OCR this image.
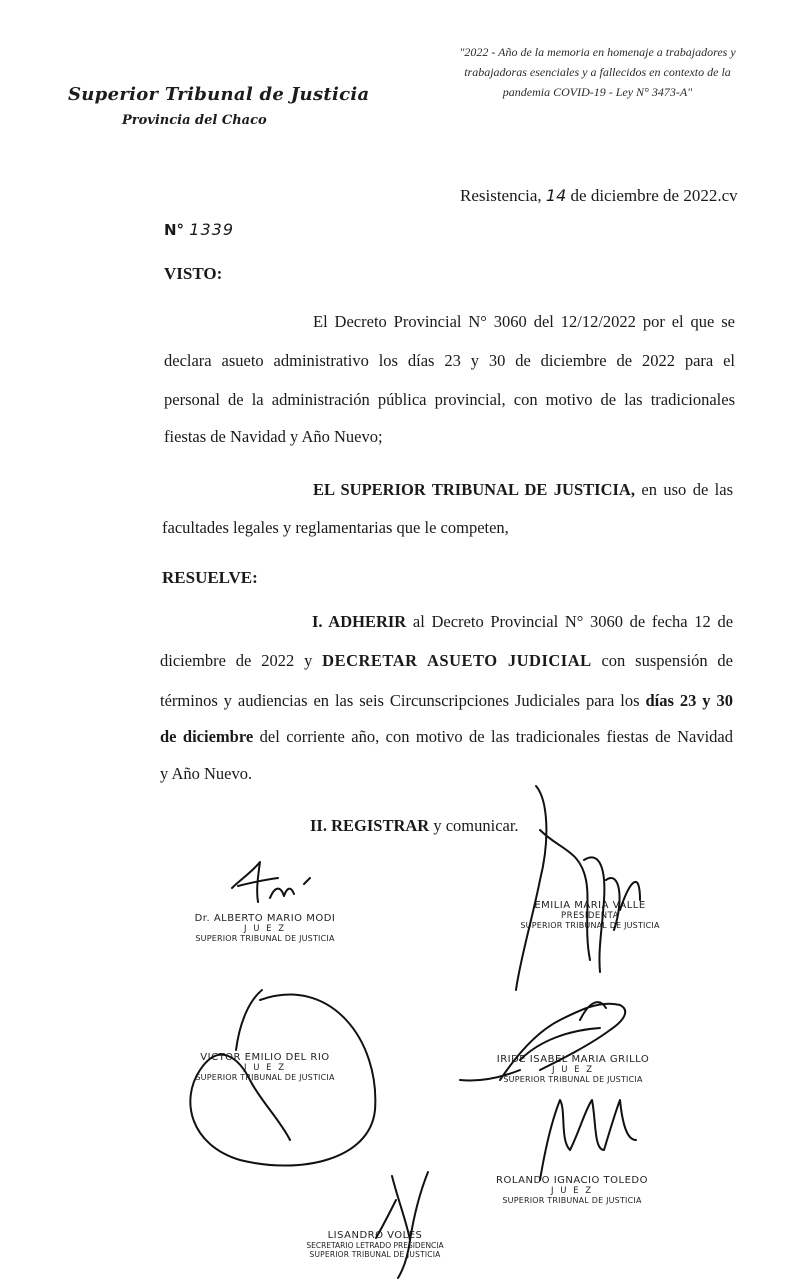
"2022 - Año de la memoria en homenaje a trabajadores y trabajadoras esenciales y a fallecidos en contexto de la pandemia COVID-19 - Ley N° 3473-A"
Superior Tribunal de Justicia
Provincia del Chaco
Resistencia, 14 de diciembre de 2022.cv
N° 1339
VISTO:
El Decreto Provincial N° 3060 del 12/12/2022 por el que se
declara asueto administrativo los días 23 y 30 de diciembre de 2022 para el
personal de la administración pública provincial, con motivo de las tradicionales
fiestas de Navidad y Año Nuevo;
EL SUPERIOR TRIBUNAL DE JUSTICIA, en uso de las
facultades legales y reglamentarias que le competen,
RESUELVE:
I. ADHERIR al Decreto Provincial N° 3060 de fecha 12 de
diciembre de 2022 y DECRETAR ASUETO JUDICIAL con suspensión de
términos y audiencias en las seis Circunscripciones Judiciales para los días 23 y 30
de diciembre del corriente año, con motivo de las tradicionales fiestas de Navidad
y Año Nuevo.
II. REGISTRAR y comunicar.
Dr. ALBERTO MARIO MODI
J U E Z
SUPERIOR TRIBUNAL DE JUSTICIA
EMILIA MARIA VALLE
PRESIDENTA
SUPERIOR TRIBUNAL DE JUSTICIA
VICTOR EMILIO DEL RIO
J U E Z
SUPERIOR TRIBUNAL DE JUSTICIA
IRIDE ISABEL MARIA GRILLO
J U E Z
SUPERIOR TRIBUNAL DE JUSTICIA
ROLANDO IGNACIO TOLEDO
J U E Z
SUPERIOR TRIBUNAL DE JUSTICIA
LISANDRO VOLES
SECRETARIO LETRADO PRESIDENCIA
SUPERIOR TRIBUNAL DE JUSTICIA
